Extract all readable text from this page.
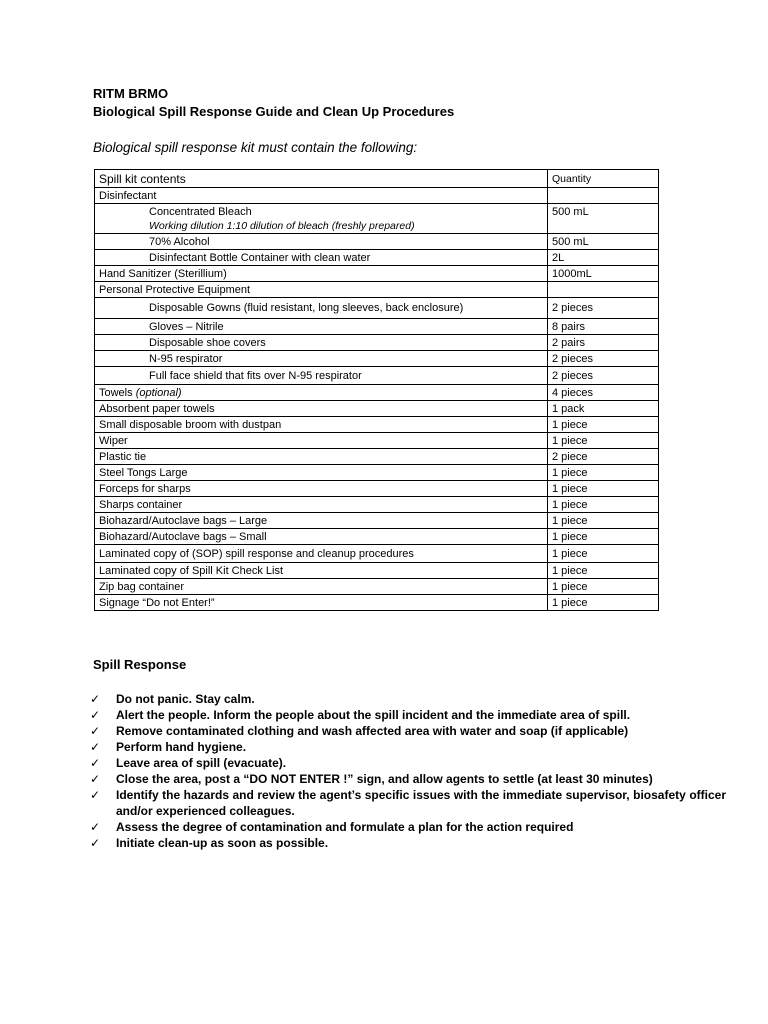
RITM BRMO
Biological Spill Response Guide and Clean Up Procedures
Biological spill response kit must contain the following:
Spill kit contents	Quantity
Disinfectant	
Concentrated Bleach
Working dilution 1:10 dilution of bleach (freshly prepared)	500 mL
70% Alcohol	500 mL
Disinfectant Bottle Container with clean water	2L
Hand Sanitizer (Sterillium)	1000mL
Personal Protective Equipment	
Disposable Gowns (fluid resistant, long sleeves, back enclosure)	2 pieces
Gloves – Nitrile	8 pairs
Disposable shoe covers	2 pairs
N-95 respirator	2 pieces
Full face shield that fits over N-95 respirator	2 pieces
Towels (optional)	4 pieces
Absorbent paper towels	1 pack
Small disposable broom with dustpan	1 piece
Wiper	1 piece
Plastic tie	2 piece
Steel Tongs Large	1 piece
Forceps for sharps	1 piece
Sharps container	1 piece
Biohazard/Autoclave bags – Large	1 piece
Biohazard/Autoclave bags – Small	1 piece
Laminated copy of (SOP) spill response and cleanup procedures	1 piece
Laminated copy of Spill Kit Check List	1 piece
Zip bag container	1 piece
Signage “Do not Enter!”	1 piece
Spill Response
✓ Do not panic. Stay calm.
✓ Alert the people. Inform the people about the spill incident and the immediate area of spill.
✓ Remove contaminated clothing and wash affected area with water and soap (if applicable)
✓ Perform hand hygiene.
✓ Leave area of spill (evacuate).
✓ Close the area, post a “DO NOT ENTER !” sign, and allow agents to settle (at least 30 minutes)
✓ Identify the hazards and review the agent’s specific issues with the immediate supervisor, biosafety officer and/or experienced colleagues.
✓ Assess the degree of contamination and formulate a plan for the action required
✓ Initiate clean-up as soon as possible.
